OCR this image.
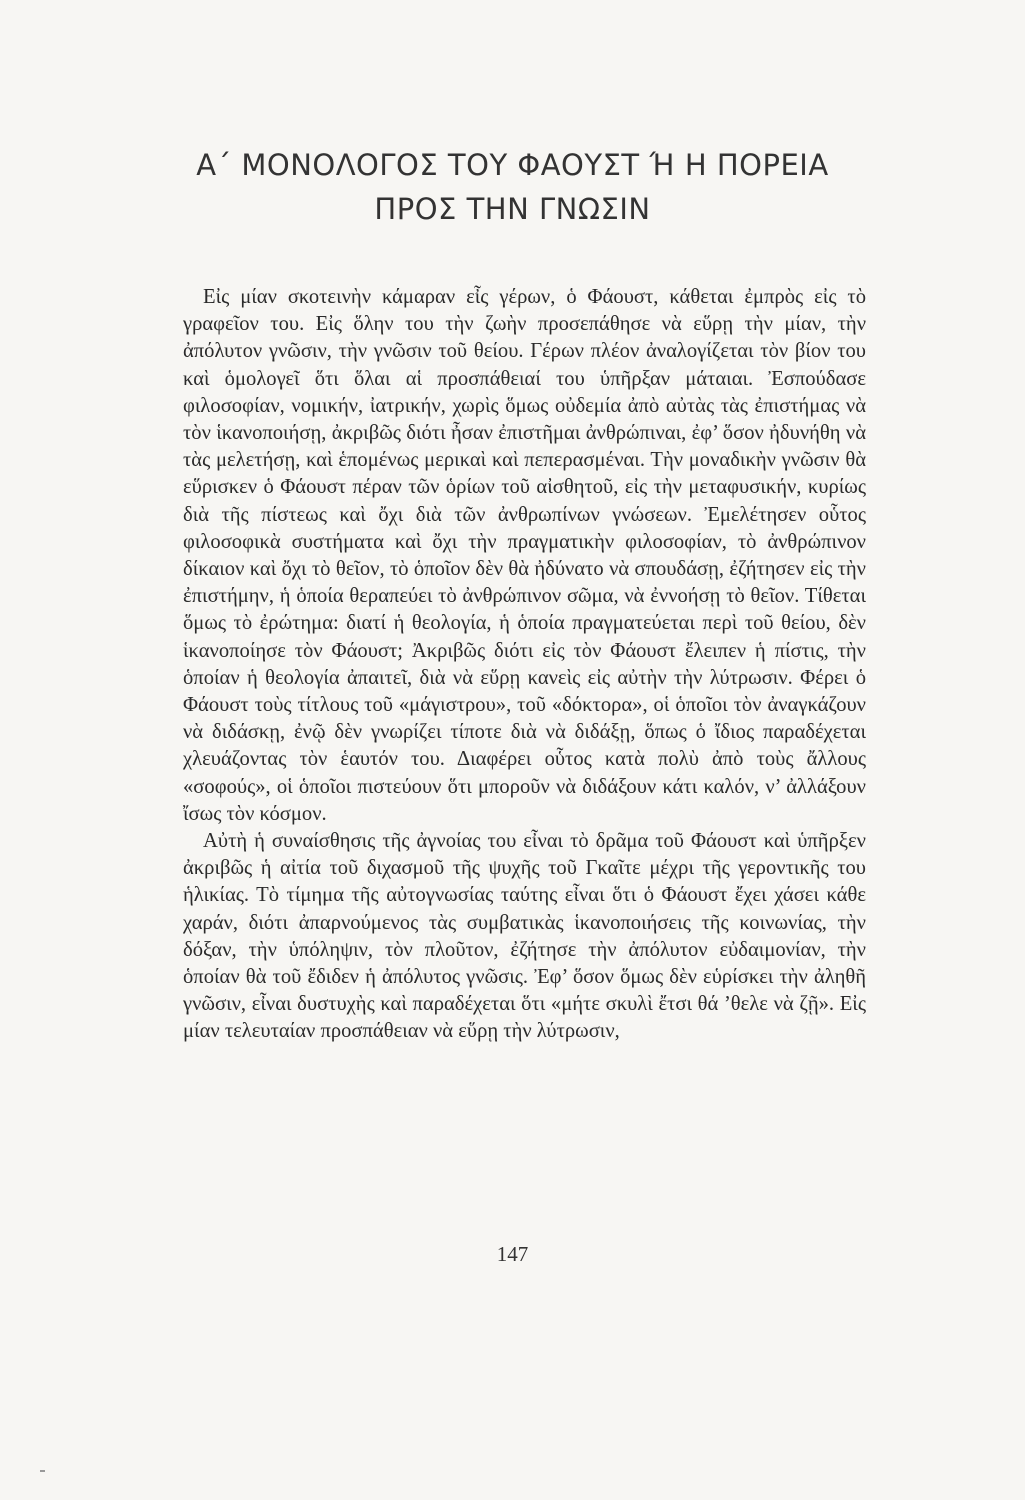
Α΄ ΜΟΝΟΛΟΓΟΣ ΤΟΥ ΦΑΟΥΣΤ Ή Η ΠΟΡΕΙΑ
ΠΡΟΣ ΤΗΝ ΓΝΩΣΙΝ

Εἰς μίαν σκοτεινὴν κάμαραν εἶς γέρων, ὁ Φάουστ, κάθεται ἐμπρὸς εἰς τὸ γραφεῖον του. Εἰς ὅλην του τὴν ζωὴν προσεπάθησε νὰ εὕρῃ τὴν μίαν, τὴν ἀπόλυτον γνῶσιν, τὴν γνῶσιν τοῦ θείου. Γέρων πλέον ἀναλογίζεται τὸν βίον του καὶ ὁμολογεῖ ὅτι ὅλαι αἱ προσπάθειαί του ὑπῆρξαν μάταιαι. Ἐσπούδασε φιλοσοφίαν, νομικήν, ἰατρικήν, χωρὶς ὅμως οὐδεμία ἀπὸ αὐτὰς τὰς ἐπιστήμας νὰ τὸν ἱκανοποιήσῃ, ἀκριβῶς διότι ἦσαν ἐπιστῆμαι ἀνθρώπιναι, ἐφ’ ὅσον ἠδυνήθη νὰ τὰς μελετήσῃ, καὶ ἑπομένως μερικαὶ καὶ πεπερασμέναι. Τὴν μοναδικὴν γνῶσιν θὰ εὕρισκεν ὁ Φάουστ πέραν τῶν ὁρίων τοῦ αἰσθητοῦ, εἰς τὴν μεταφυσικήν, κυρίως διὰ τῆς πίστεως καὶ ὄχι διὰ τῶν ἀνθρωπίνων γνώσεων. Ἐμελέτησεν οὗτος φιλοσοφικὰ συστήματα καὶ ὄχι τὴν πραγματικὴν φιλοσοφίαν, τὸ ἀνθρώπινον δίκαιον καὶ ὄχι τὸ θεῖον, τὸ ὁποῖον δὲν θὰ ἠδύνατο νὰ σπουδάσῃ, ἐζήτησεν εἰς τὴν ἐπιστήμην, ἡ ὁποία θεραπεύει τὸ ἀνθρώπινον σῶμα, νὰ ἐννοήσῃ τὸ θεῖον. Τίθεται ὅμως τὸ ἐρώτημα: διατί ἡ θεολογία, ἡ ὁποία πραγματεύεται περὶ τοῦ θείου, δὲν ἱκανοποίησε τὸν Φάουστ; Ἀκριβῶς διότι εἰς τὸν Φάουστ ἔλειπεν ἡ πίστις, τὴν ὁποίαν ἡ θεολογία ἀπαιτεῖ, διὰ νὰ εὕρῃ κανεὶς εἰς αὐτὴν τὴν λύτρωσιν. Φέρει ὁ Φάουστ τοὺς τίτλους τοῦ «μάγιστρου», τοῦ «δόκτορα», οἱ ὁποῖοι τὸν ἀναγκάζουν νὰ διδάσκῃ, ἐνῷ δὲν γνωρίζει τίποτε διὰ νὰ διδάξῃ, ὅπως ὁ ἴδιος παραδέχεται χλευάζοντας τὸν ἑαυτόν του. Διαφέρει οὗτος κατὰ πολὺ ἀπὸ τοὺς ἄλλους «σοφούς», οἱ ὁποῖοι πιστεύουν ὅτι μποροῦν νὰ διδάξουν κάτι καλόν, ν’ ἀλλάξουν ἴσως τὸν κόσμον.

Αὐτὴ ἡ συναίσθησις τῆς ἀγνοίας του εἶναι τὸ δρᾶμα τοῦ Φάουστ καὶ ὑπῆρξεν ἀκριβῶς ἡ αἰτία τοῦ διχασμοῦ τῆς ψυχῆς τοῦ Γκαῖτε μέχρι τῆς γεροντικῆς του ἡλικίας. Τὸ τίμημα τῆς αὐτογνωσίας ταύτης εἶναι ὅτι ὁ Φάουστ ἔχει χάσει κάθε χαράν, διότι ἀπαρνούμενος τὰς συμβατικὰς ἱκανοποιήσεις τῆς κοινωνίας, τὴν δόξαν, τὴν ὑπόληψιν, τὸν πλοῦτον, ἐζήτησε τὴν ἀπόλυτον εὐδαιμονίαν, τὴν ὁποίαν θὰ τοῦ ἔδιδεν ἡ ἀπόλυτος γνῶσις. Ἐφ’ ὅσον ὅμως δὲν εὑρίσκει τὴν ἀληθῆ γνῶσιν, εἶναι δυστυχὴς καὶ παραδέχεται ὅτι «μήτε σκυλὶ ἔτσι θά ’θελε νὰ ζῇ». Εἰς μίαν τελευταίαν προσπάθειαν νὰ εὕρῃ τὴν λύτρωσιν,

147
